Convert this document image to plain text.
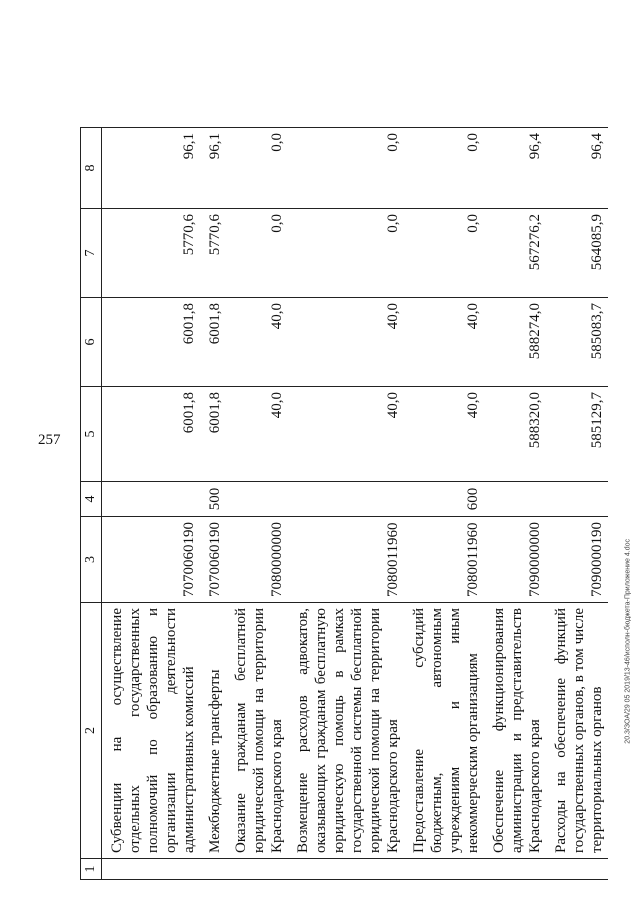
257
1	2	3	4	5	6	7	8
	Субвенции на осуществление отдельных государственных полномочий по образованию и организации деятельности административных комиссий	7070060190		6001,8	6001,8	5770,6	96,1
	Межбюджетные трансферты	7070060190	500	6001,8	6001,8	5770,6	96,1
	Оказание гражданам бесплатной юридической помощи на территории Краснодарского края	7080000000		40,0	40,0	0,0	0,0
	Возмещение расходов адвокатов, оказывающих гражданам бесплатную юридическую помощь в рамках государственной системы бесплатной юридической помощи на территории Краснодарского края	7080011960		40,0	40,0	0,0	0,0
	Предоставление субсидий бюджетным, автономным учреждениям и иным некоммерческим организациям	7080011960	600	40,0	40,0	0,0	0,0
	Обеспечение функционирования администрации и представительств Краснодарского края	7090000000		588320,0	588274,0	567276,2	96,4
	Расходы на обеспечение функций государственных органов, в том числе территориальных органов	7090000190		585129,7	585083,7	564085,9	96,4
20.3/ЗОА/29 05 2019/13-46/исполн-бюджета-Приложение 4.doc
